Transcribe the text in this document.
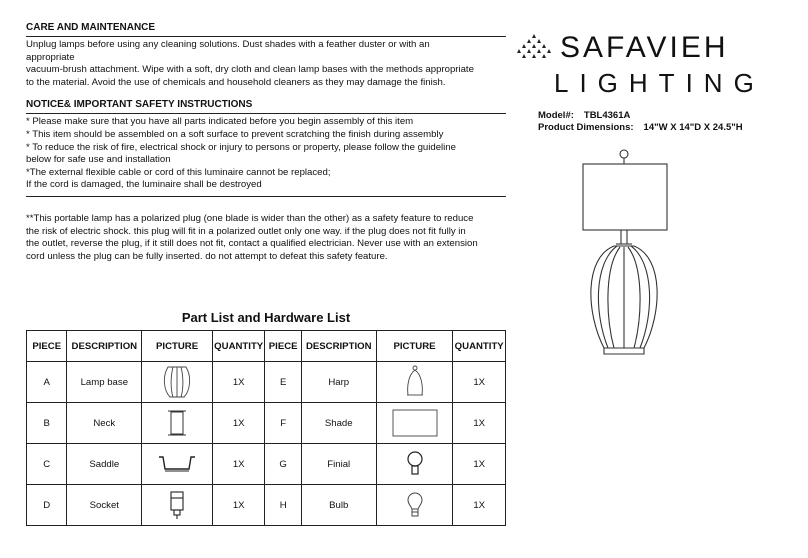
CARE AND MAINTENANCE
Unplug lamps before using any cleaning solutions. Dust shades with a feather duster or with an
appropriate
vacuum-brush attachment. Wipe with a soft, dry cloth and clean lamp bases with the methods appropriate
to the material. Avoid the use of chemicals and household cleaners as they may damage the finish.
NOTICE& IMPORTANT SAFETY INSTRUCTIONS
* Please make sure that you have all parts indicated before you begin assembly of this item
* This item should be assembled on a soft surface to prevent scratching the finish during assembly
* To reduce the risk of fire, electrical shock or injury to persons or property, please follow the guideline
below for safe use and installation
*The external flexible cable or cord of this luminaire cannot be replaced;
If the cord is damaged, the luminaire shall be destroyed
**This portable lamp has a polarized plug (one blade is wider than the other) as a safety feature to reduce
the risk of electric shock. this plug will fit in a polarized outlet only one way. if the plug does not fit fully in
the outlet, reverse the plug, if it still does not fit, contact a qualified electrician. Never use with an extension
cord unless the plug can be fully inserted. do not attempt to defeat this safety feature.
SAFAVIEH
LIGHTING
Model#: TBL4361A
Product Dimensions: 14"W X 14"D X 24.5"H
Part List and Hardware List
PIECE	DESCRIPTION	PICTURE	QUANTITY	PIECE	DESCRIPTION	PICTURE	QUANTITY
A	Lamp base		1X	E	Harp		1X
B	Neck		1X	F	Shade		1X
C	Saddle		1X	G	Finial		1X
D	Socket		1X	H	Bulb		1X
